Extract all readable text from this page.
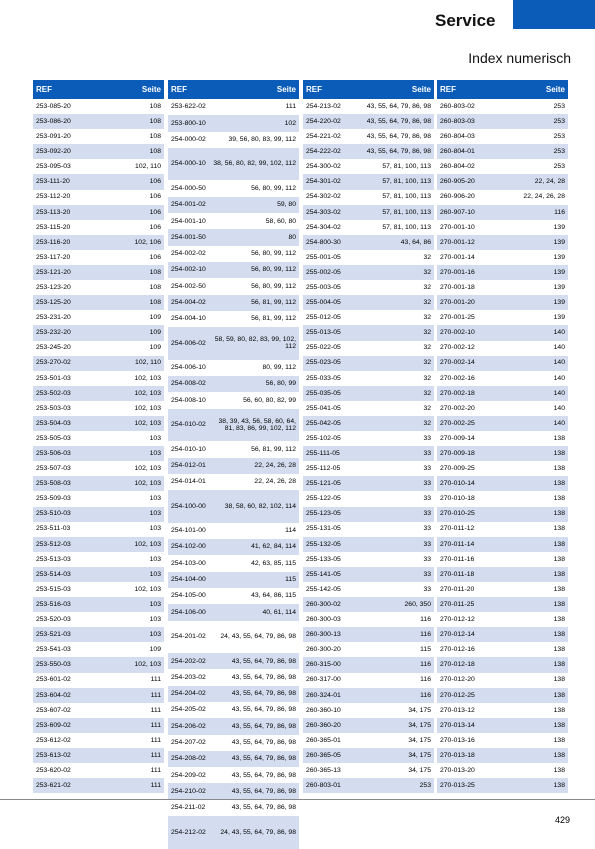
Service
Index numerisch
REF	Seite
253-085-20	108
253-086-20	108
253-091-20	108
253-092-20	108
253-095-03	102, 110
253-111-20	106
253-112-20	106
253-113-20	106
253-115-20	106
253-116-20	102, 106
253-117-20	106
253-121-20	108
253-123-20	108
253-125-20	108
253-231-20	109
253-232-20	109
253-245-20	109
253-270-02	102, 110
253-501-03	102, 103
253-502-03	102, 103
253-503-03	102, 103
253-504-03	102, 103
253-505-03	103
253-506-03	103
253-507-03	102, 103
253-508-03	102, 103
253-509-03	103
253-510-03	103
253-511-03	103
253-512-03	102, 103
253-513-03	103
253-514-03	103
253-515-03	102, 103
253-516-03	103
253-520-03	103
253-521-03	103
253-541-03	109
253-550-03	102, 103
253-601-02	111
253-604-02	111
253-607-02	111
253-609-02	111
253-612-02	111
253-613-02	111
253-620-02	111
253-621-02	111
REF	Seite
253-622-02	111
253-800-10	102
254-000-02	39, 56, 80, 83, 99, 112
254-000-10 38, 56, 80, 82, 99, 102, 112
254-000-50	56, 80, 99, 112
254-001-02	59, 80
254-001-10	58, 60, 80
254-001-50	80
254-002-02	56, 80, 99, 112
254-002-10	56, 80, 99, 112
254-002-50	56, 80, 99, 112
254-004-02	56, 81, 99, 112
254-004-10	56, 81, 99, 112
254-006-02
58, 59, 80, 82, 83, 99, 102, 112
254-006-10	80, 99, 112
254-008-02	56, 80, 99
254-008-10	56, 60, 80, 82, 99
254-010-02
38, 39, 43, 56, 58, 60, 64, 81, 83, 86, 99, 102, 112
254-010-10	56, 81, 99, 112
254-012-01	22, 24, 26, 28
254-014-01	22, 24, 26, 28
254-100-00	38, 58, 60, 82, 102, 114
254-101-00	114
254-102-00	41, 62, 84, 114
254-103-00	42, 63, 85, 115
254-104-00	115
254-105-00	43, 64, 86, 115
254-106-00	40, 61, 114
254-201-02 24, 43, 55, 64, 79, 86, 98
254-202-02	43, 55, 64, 79, 86, 98
254-203-02	43, 55, 64, 79, 86, 98
254-204-02	43, 55, 64, 79, 86, 98
254-205-02	43, 55, 64, 79, 86, 98
254-206-02	43, 55, 64, 79, 86, 98
254-207-02	43, 55, 64, 79, 86, 98
254-208-02	43, 55, 64, 79, 86, 98
254-209-02	43, 55, 64, 79, 86, 98
254-210-02	43, 55, 64, 79, 86, 98
254-211-02	43, 55, 64, 79, 86, 98
254-212-02 24, 43, 55, 64, 79, 86, 98
REF	Seite
254-213-02	43, 55, 64, 79, 86, 98
254-220-02	43, 55, 64, 79, 86, 98
254-221-02	43, 55, 64, 79, 86, 98
254-222-02	43, 55, 64, 79, 86, 98
254-300-02	57, 81, 100, 113
254-301-02	57, 81, 100, 113
254-302-02	57, 81, 100, 113
254-303-02	57, 81, 100, 113
254-304-02	57, 81, 100, 113
254-800-30	43, 64, 86
255-001-05	32
255-002-05	32
255-003-05	32
255-004-05	32
255-012-05	32
255-013-05	32
255-022-05	32
255-023-05	32
255-033-05	32
255-035-05	32
255-041-05	32
255-042-05	32
255-102-05	33
255-111-05	33
255-112-05	33
255-121-05	33
255-122-05	33
255-123-05	33
255-131-05	33
255-132-05	33
255-133-05	33
255-141-05	33
255-142-05	33
260-300-02	260, 350
260-300-03	116
260-300-13	116
260-300-20	115
260-315-00	116
260-317-00	116
260-324-01	116
260-360-10	34, 175
260-360-20	34, 175
260-365-01	34, 175
260-365-05	34, 175
260-365-13	34, 175
260-803-01	253
REF	Seite
260-803-02	253
260-803-03	253
260-804-03	253
260-804-01	253
260-804-02	253
260-905-20	22, 24, 28
260-906-20	22, 24, 26, 28
260-907-10	116
270-001-10	139
270-001-12	139
270-001-14	139
270-001-16	139
270-001-18	139
270-001-20	139
270-001-25	139
270-002-10	140
270-002-12	140
270-002-14	140
270-002-16	140
270-002-18	140
270-002-20	140
270-002-25	140
270-009-14	138
270-009-18	138
270-009-25	138
270-010-14	138
270-010-18	138
270-010-25	138
270-011-12	138
270-011-14	138
270-011-16	138
270-011-18	138
270-011-20	138
270-011-25	138
270-012-12	138
270-012-14	138
270-012-16	138
270-012-18	138
270-012-20	138
270-012-25	138
270-013-12	138
270-013-14	138
270-013-16	138
270-013-18	138
270-013-20	138
270-013-25	138
429
